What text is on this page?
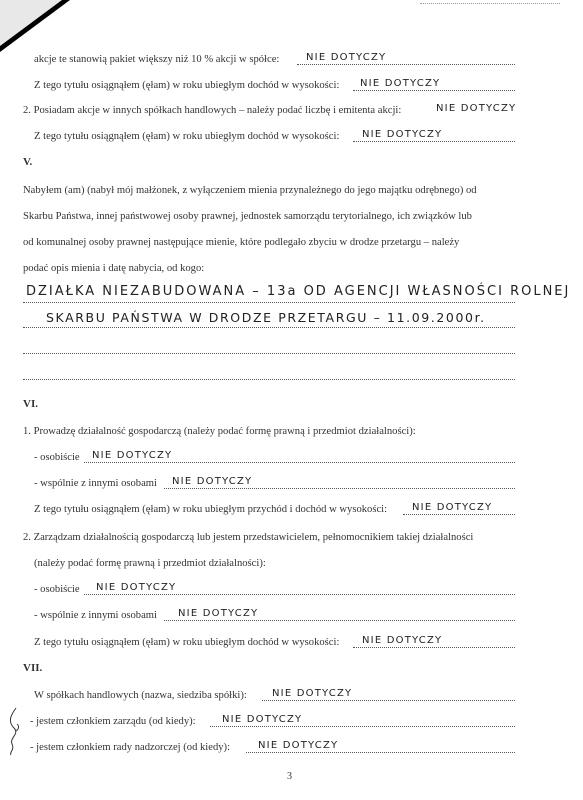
akcje te stanowią pakiet większy niż 10 % akcji w spółce:	NIE DOTYCZY
Z tego tytułu osiągnąłem (ęłam) w roku ubiegłym dochód w wysokości: NIE DOTYCZY
2. Posiadam akcje w innych spółkach handlowych – należy podać liczbę i emitenta akcji:	NIE DOTYCZY
Z tego tytułu osiągnąłem (ęłam) w roku ubiegłym dochód w wysokości: NIE DOTYCZY
V.
Nabyłem (am) (nabył mój małżonek, z wyłączeniem mienia przynależnego do jego majątku odrębnego) od
Skarbu Państwa, innej państwowej osoby prawnej, jednostek samorządu terytorialnego, ich związków lub
od komunalnej osoby prawnej następujące mienie, które podlegało zbyciu w drodze przetargu – należy
podać opis mienia i datę nabycia, od kogo:
DZIAŁKA NIEZABUDOWANA – 13a OD AGENCJI WŁASNOŚCI ROLNEJ
SKARBU PAŃSTWA W DRODZE PRZETARGU – 11.09.2000r.
VI.
1. Prowadzę działalność gospodarczą (należy podać formę prawną i przedmiot działalności):
- osobiście NIE DOTYCZY
- wspólnie z innymi osobami NIE DOTYCZY
Z tego tytułu osiągnąłem (ęłam) w roku ubiegłym przychód i dochód w wysokości: NIE DOTYCZY
2. Zarządzam działalnością gospodarczą lub jestem przedstawicielem, pełnomocnikiem takiej działalności
(należy podać formę prawną i przedmiot działalności):
- osobiście NIE DOTYCZY
- wspólnie z innymi osobami NIE DOTYCZY
Z tego tytułu osiągnąłem (ęłam) w roku ubiegłym dochód w wysokości: NIE DOTYCZY
VII.
W spółkach handlowych (nazwa, siedziba spółki):	NIE DOTYCZY
- jestem członkiem zarządu (od kiedy):	NIE DOTYCZY
- jestem członkiem rady nadzorczej (od kiedy):	NIE DOTYCZY
3
